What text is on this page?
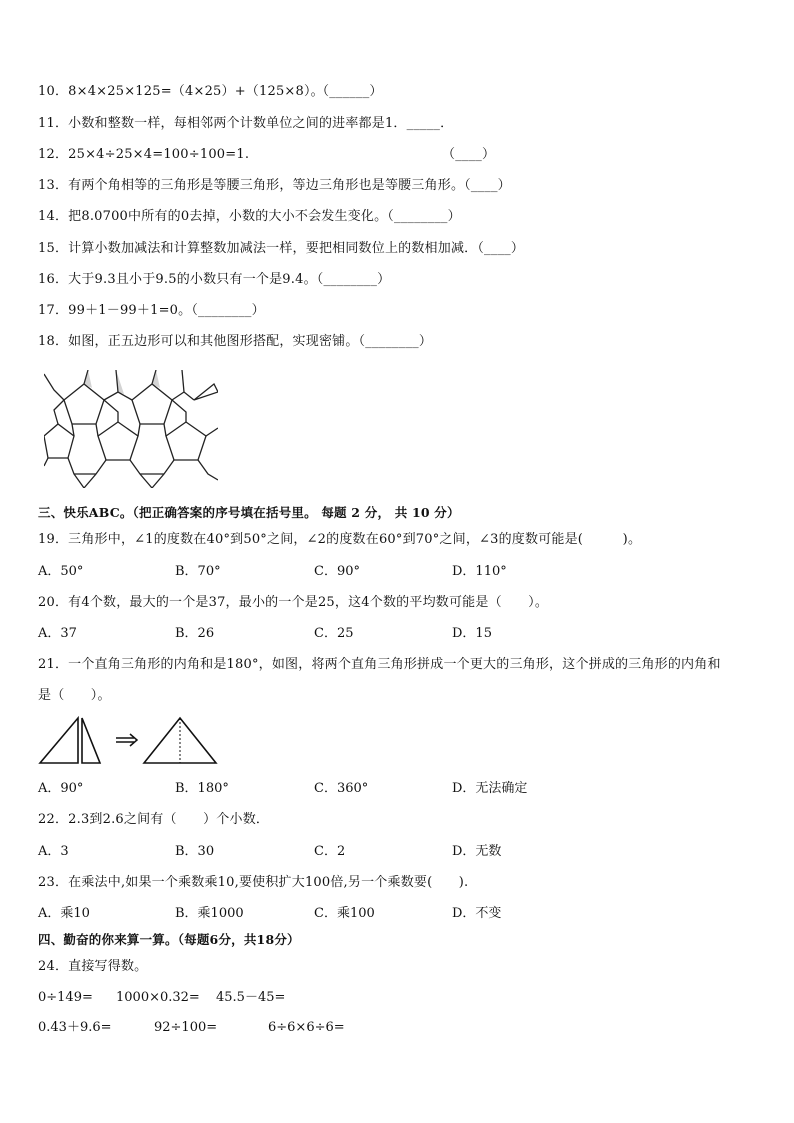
10．8×4×25×125=（4×25）+（125×8）。
（______）
11．小数和整数一样，每相邻两个计数单位之间的进率都是1．_____．
12．25×4÷25×4=100÷100=1.	（____）
13．有两个角相等的三角形是等腰三角形，等边三角形也是等腰三角形。（____）
14．把8.0700中所有的0去掉，小数的大小不会发生变化。（________）
15．计算小数加减法和计算整数加减法一样，要把相同数位上的数相加减．（____）
16．大于9.3且小于9.5的小数只有一个是9.4。（________）
17．99＋1－99＋1=0。（________）
18．如图，正五边形可以和其他图形搭配，实现密铺。（________）
三、快乐ABC。（把正确答案的序号填在括号里。 每题 2 分， 共 10 分）
19．三角形中，∠1的度数在40°到50°之间，∠2的度数在60°到70°之间，∠3的度数可能是(　　　)。
A．50°	B．70°	C．90°	D．110°
20．有4个数，最大的一个是37，最小的一个是25，这4个数的平均数可能是（　　）。
A．37	B．26	C．25	D．15
21．一个直角三角形的内角和是180°，如图，将两个直角三角形拼成一个更大的三角形，这个拼成的三角形的内角和
是（　　）。
A．90°	B．180°	C．360°	D．无法确定
22．2.3到2.6之间有（　　）个小数．
A．3	B．30	C．2	D．无数
23．在乘法中,如果一个乘数乘10,要使积扩大100倍,另一个乘数要(　　).
A．乘10	B．乘1000	C．乘100	D．不变
四、勤奋的你来算一算。（每题6分，共18分）
24．直接写得数。
0÷149= 1000×0.32= 45.5－45=
0.43＋9.6=	92÷100=	6÷6×6÷6=
